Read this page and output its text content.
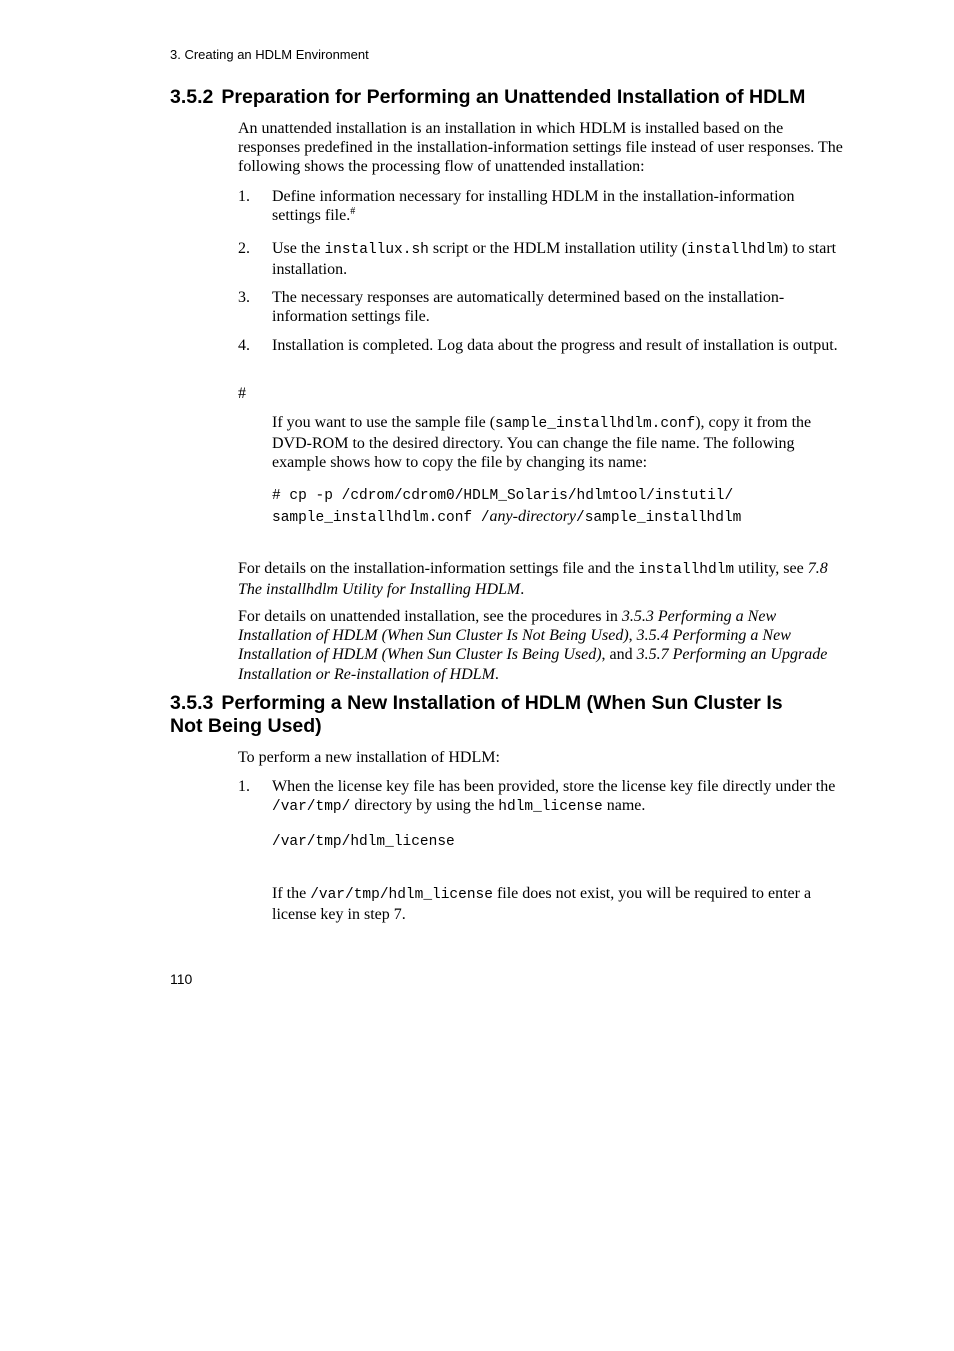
3. Creating an HDLM Environment
3.5.2 Preparation for Performing an Unattended Installation of HDLM

An unattended installation is an installation in which HDLM is installed based on the responses predefined in the installation-information settings file instead of user responses. The following shows the processing flow of unattended installation:

1. Define information necessary for installing HDLM in the installation-information settings file.#

2. Use the installux.sh script or the HDLM installation utility (installhdlm) to start installation.

3. The necessary responses are automatically determined based on the installation-information settings file.

4. Installation is completed. Log data about the progress and result of installation is output.

#

If you want to use the sample file (sample_installhdlm.conf), copy it from the DVD-ROM to the desired directory. You can change the file name. The following example shows how to copy the file by changing its name:

# cp -p /cdrom/cdrom0/HDLM_Solaris/hdlmtool/instutil/
sample_installhdlm.conf /any-directory/sample_installhdlm

For details on the installation-information settings file and the installhdlm utility, see 7.8 The installhdlm Utility for Installing HDLM.

For details on unattended installation, see the procedures in 3.5.3 Performing a New Installation of HDLM (When Sun Cluster Is Not Being Used), 3.5.4 Performing a New Installation of HDLM (When Sun Cluster Is Being Used), and 3.5.7 Performing an Upgrade Installation or Re-installation of HDLM.

3.5.3 Performing a New Installation of HDLM (When Sun Cluster Is
Not Being Used)

To perform a new installation of HDLM:

1. When the license key file has been provided, store the license key file directly under the /var/tmp/ directory by using the hdlm_license name.

/var/tmp/hdlm_license

If the /var/tmp/hdlm_license file does not exist, you will be required to enter a license key in step 7.

110
